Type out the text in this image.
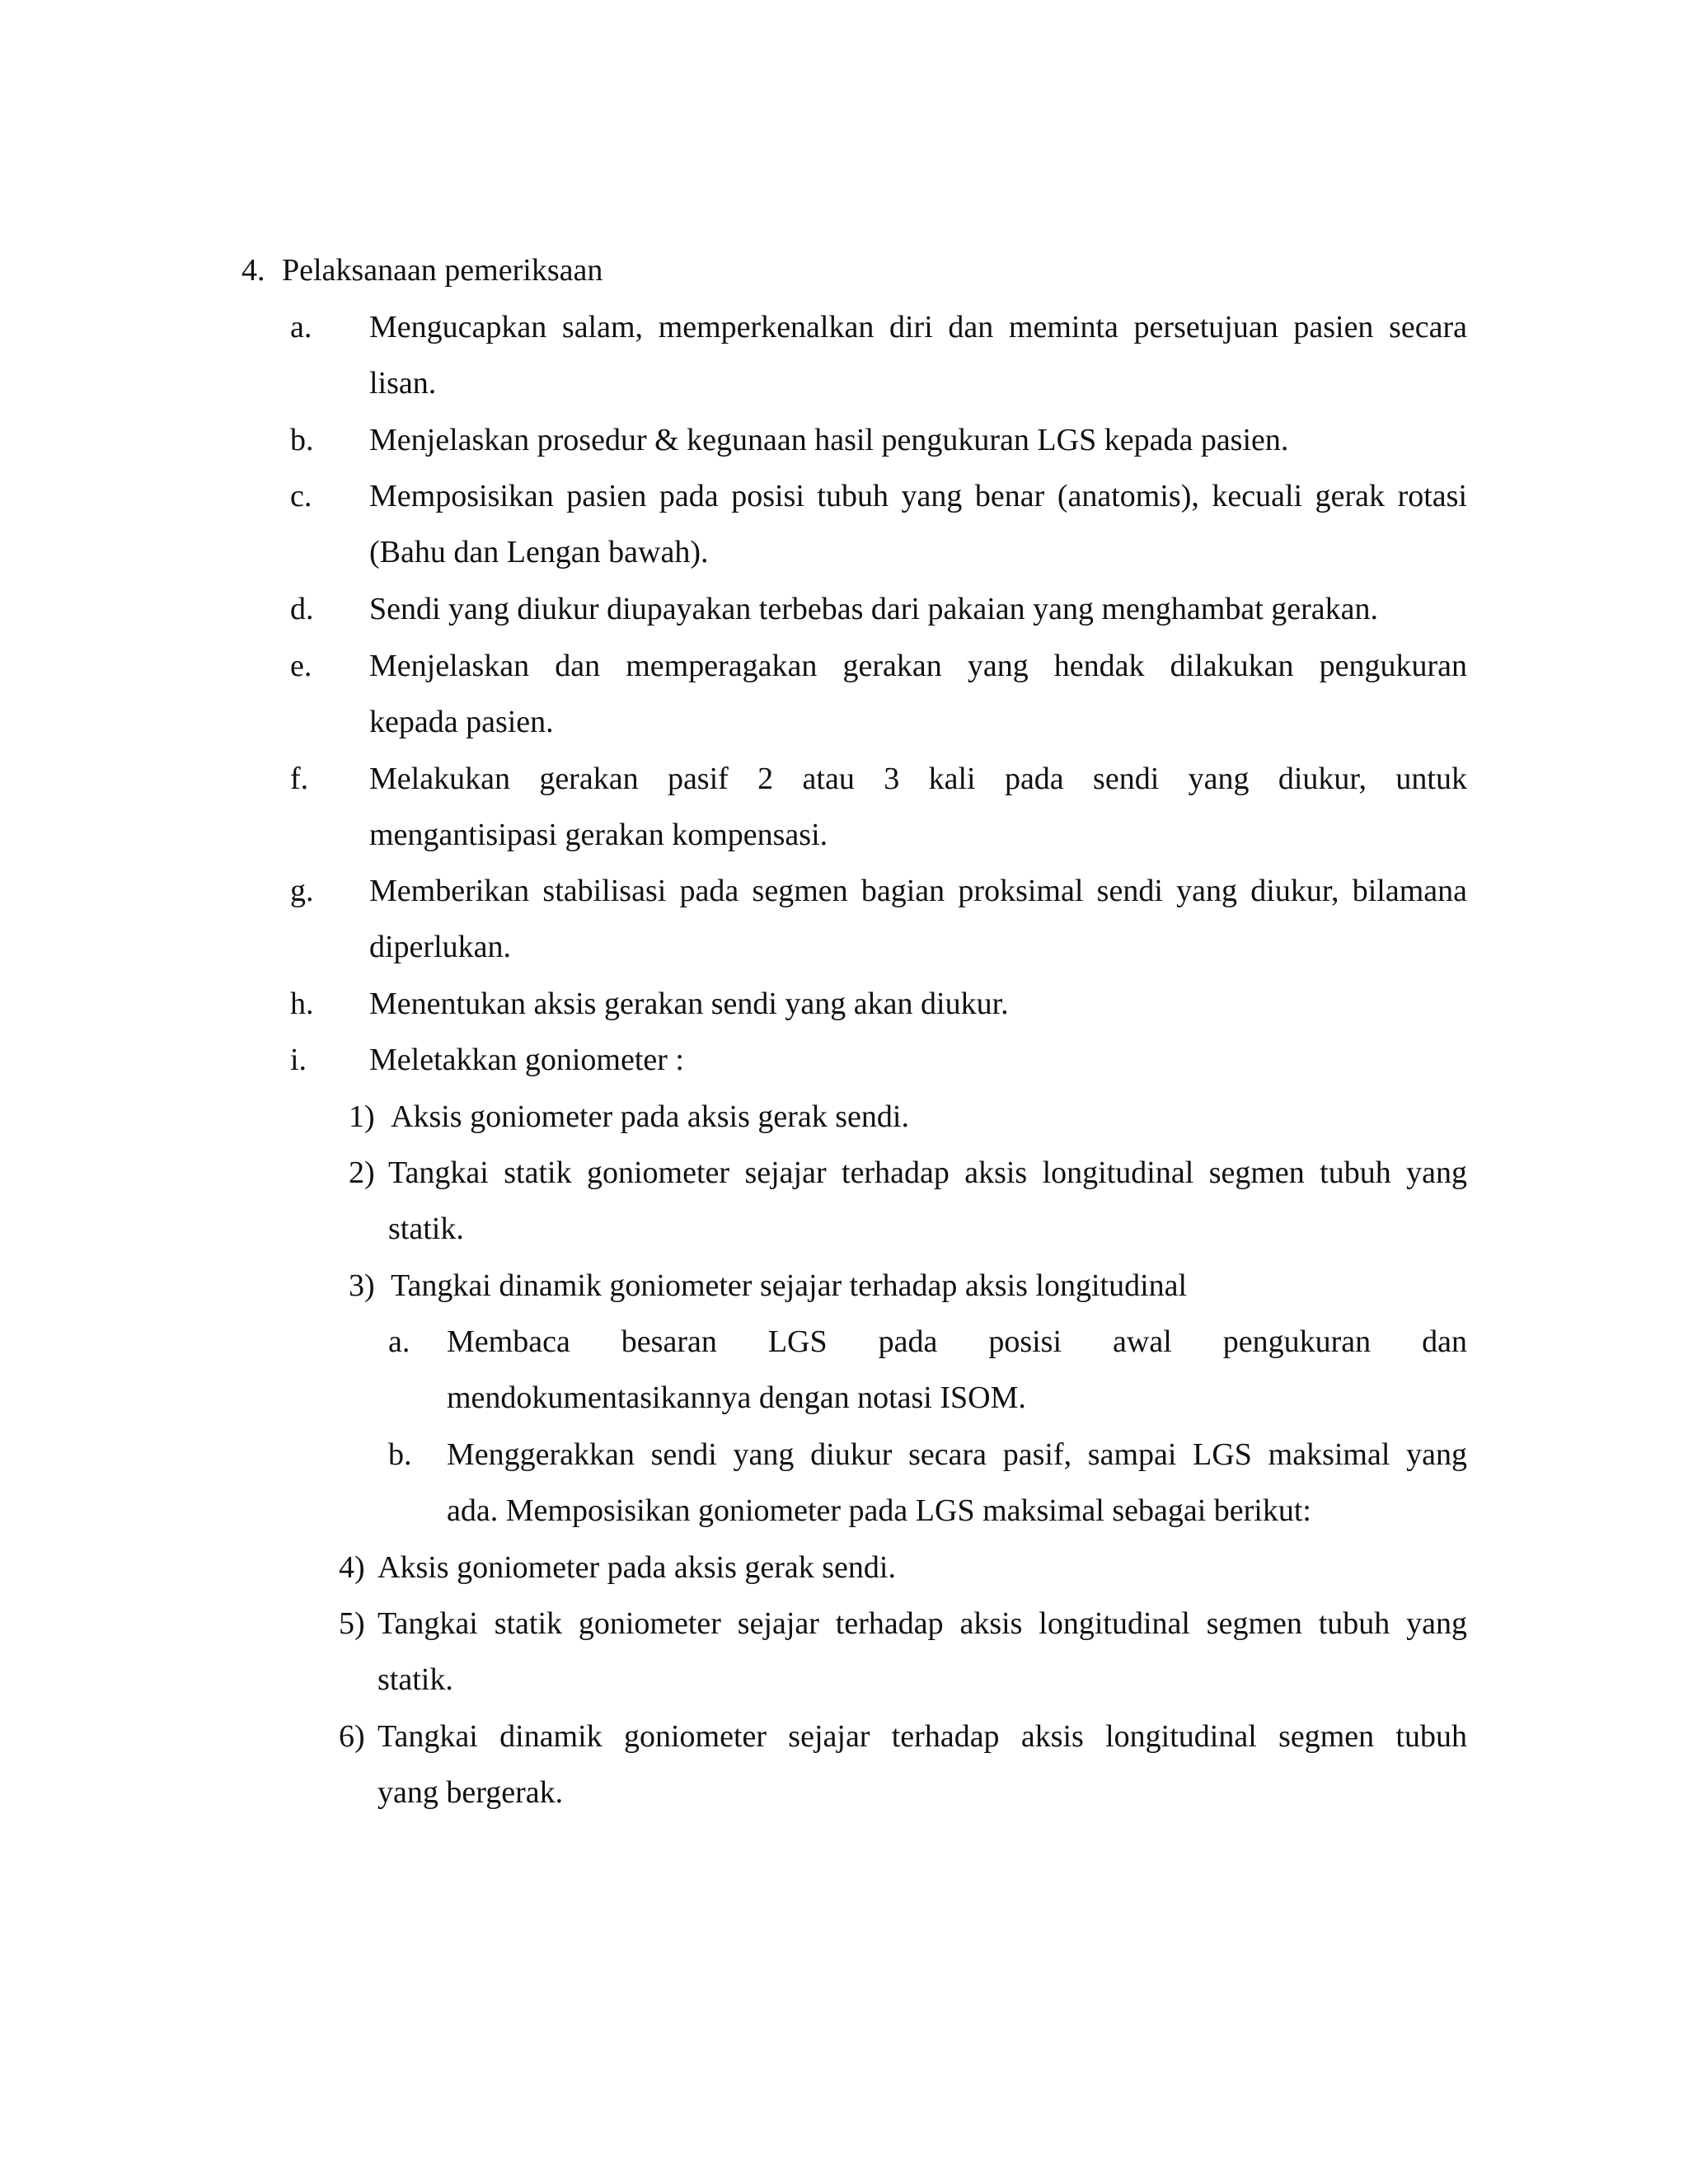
4. Pelaksanaan pemeriksaan
a. Mengucapkan salam, memperkenalkan diri dan meminta persetujuan pasien secara
lisan.
b. Menjelaskan prosedur & kegunaan hasil pengukuran LGS kepada pasien.
c. Memposisikan pasien pada posisi tubuh yang benar (anatomis), kecuali gerak rotasi
(Bahu dan Lengan bawah).
d. Sendi yang diukur diupayakan terbebas dari pakaian yang menghambat gerakan.
e. Menjelaskan dan memperagakan gerakan yang hendak dilakukan pengukuran
kepada pasien.
f. Melakukan gerakan pasif 2 atau 3 kali pada sendi yang diukur, untuk
mengantisipasi gerakan kompensasi.
g. Memberikan stabilisasi pada segmen bagian proksimal sendi yang diukur, bilamana
diperlukan.
h. Menentukan aksis gerakan sendi yang akan diukur.
i. Meletakkan goniometer :
1) Aksis goniometer pada aksis gerak sendi.
2) Tangkai statik goniometer sejajar terhadap aksis longitudinal segmen tubuh yang
statik.
3) Tangkai dinamik goniometer sejajar terhadap aksis longitudinal
a. Membaca besaran LGS pada posisi awal pengukuran dan
mendokumentasikannya dengan notasi ISOM.
b. Menggerakkan sendi yang diukur secara pasif, sampai LGS maksimal yang
ada. Memposisikan goniometer pada LGS maksimal sebagai berikut:
4) Aksis goniometer pada aksis gerak sendi.
5) Tangkai statik goniometer sejajar terhadap aksis longitudinal segmen tubuh yang
statik.
6) Tangkai dinamik goniometer sejajar terhadap aksis longitudinal segmen tubuh
yang bergerak.
